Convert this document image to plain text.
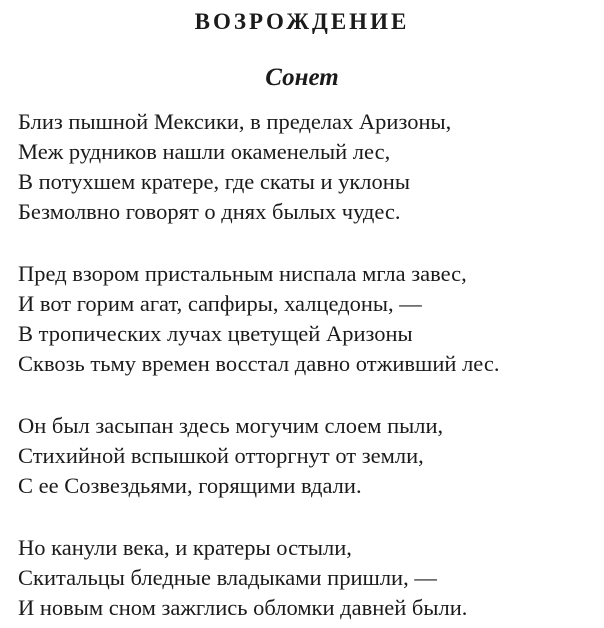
ВОЗРОЖДЕНИЕ
Сонет
Близ пышной Мексики, в пределах Аризоны,
Меж рудников нашли окаменелый лес,
В потухшем кратере, где скаты и уклоны
Безмолвно говорят о днях былых чудес.
Пред взором пристальным ниспала мгла завес,
И вот горим агат, сапфиры, халцедоны, —
В тропических лучах цветущей Аризоны
Сквозь тьму времен восстал давно отживший лес.
Он был засыпан здесь могучим слоем пыли,
Стихийной вспышкой отторгнут от земли,
С ее Созвездьями, горящими вдали.
Но канули века, и кратеры остыли,
Скитальцы бледные владыками пришли, —
И новым сном зажглись обломки давней были.
